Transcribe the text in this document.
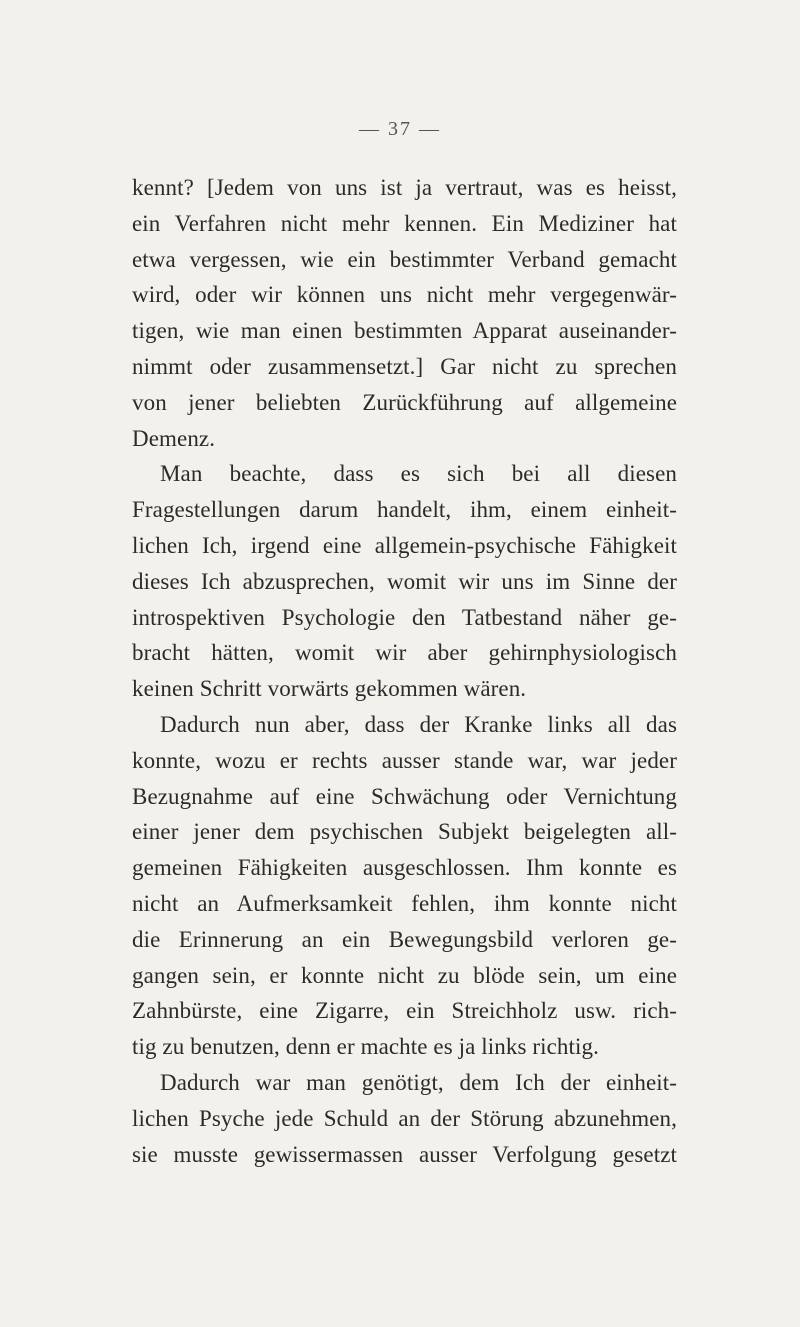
— 37 —
kennt? [Jedem von uns ist ja vertraut, was es heisst,
ein Verfahren nicht mehr kennen. Ein Mediziner hat
etwa vergessen, wie ein bestimmter Verband gemacht
wird, oder wir können uns nicht mehr vergegenwär-
tigen, wie man einen bestimmten Apparat auseinander-
nimmt oder zusammensetzt.] Gar nicht zu sprechen
von jener beliebten Zurückführung auf allgemeine
Demenz.
Man beachte, dass es sich bei all diesen
Fragestellungen darum handelt, ihm, einem einheit-
lichen Ich, irgend eine allgemein-psychische Fähigkeit
dieses Ich abzusprechen, womit wir uns im Sinne der
introspektiven Psychologie den Tatbestand näher ge-
bracht hätten, womit wir aber gehirnphysiologisch
keinen Schritt vorwärts gekommen wären.
Dadurch nun aber, dass der Kranke links all das
konnte, wozu er rechts ausser stande war, war jeder
Bezugnahme auf eine Schwächung oder Vernichtung
einer jener dem psychischen Subjekt beigelegten all-
gemeinen Fähigkeiten ausgeschlossen. Ihm konnte es
nicht an Aufmerksamkeit fehlen, ihm konnte nicht
die Erinnerung an ein Bewegungsbild verloren ge-
gangen sein, er konnte nicht zu blöde sein, um eine
Zahnbürste, eine Zigarre, ein Streichholz usw. rich-
tig zu benutzen, denn er machte es ja links richtig.
Dadurch war man genötigt, dem Ich der einheit-
lichen Psyche jede Schuld an der Störung abzunehmen,
sie musste gewissermassen ausser Verfolgung gesetzt
